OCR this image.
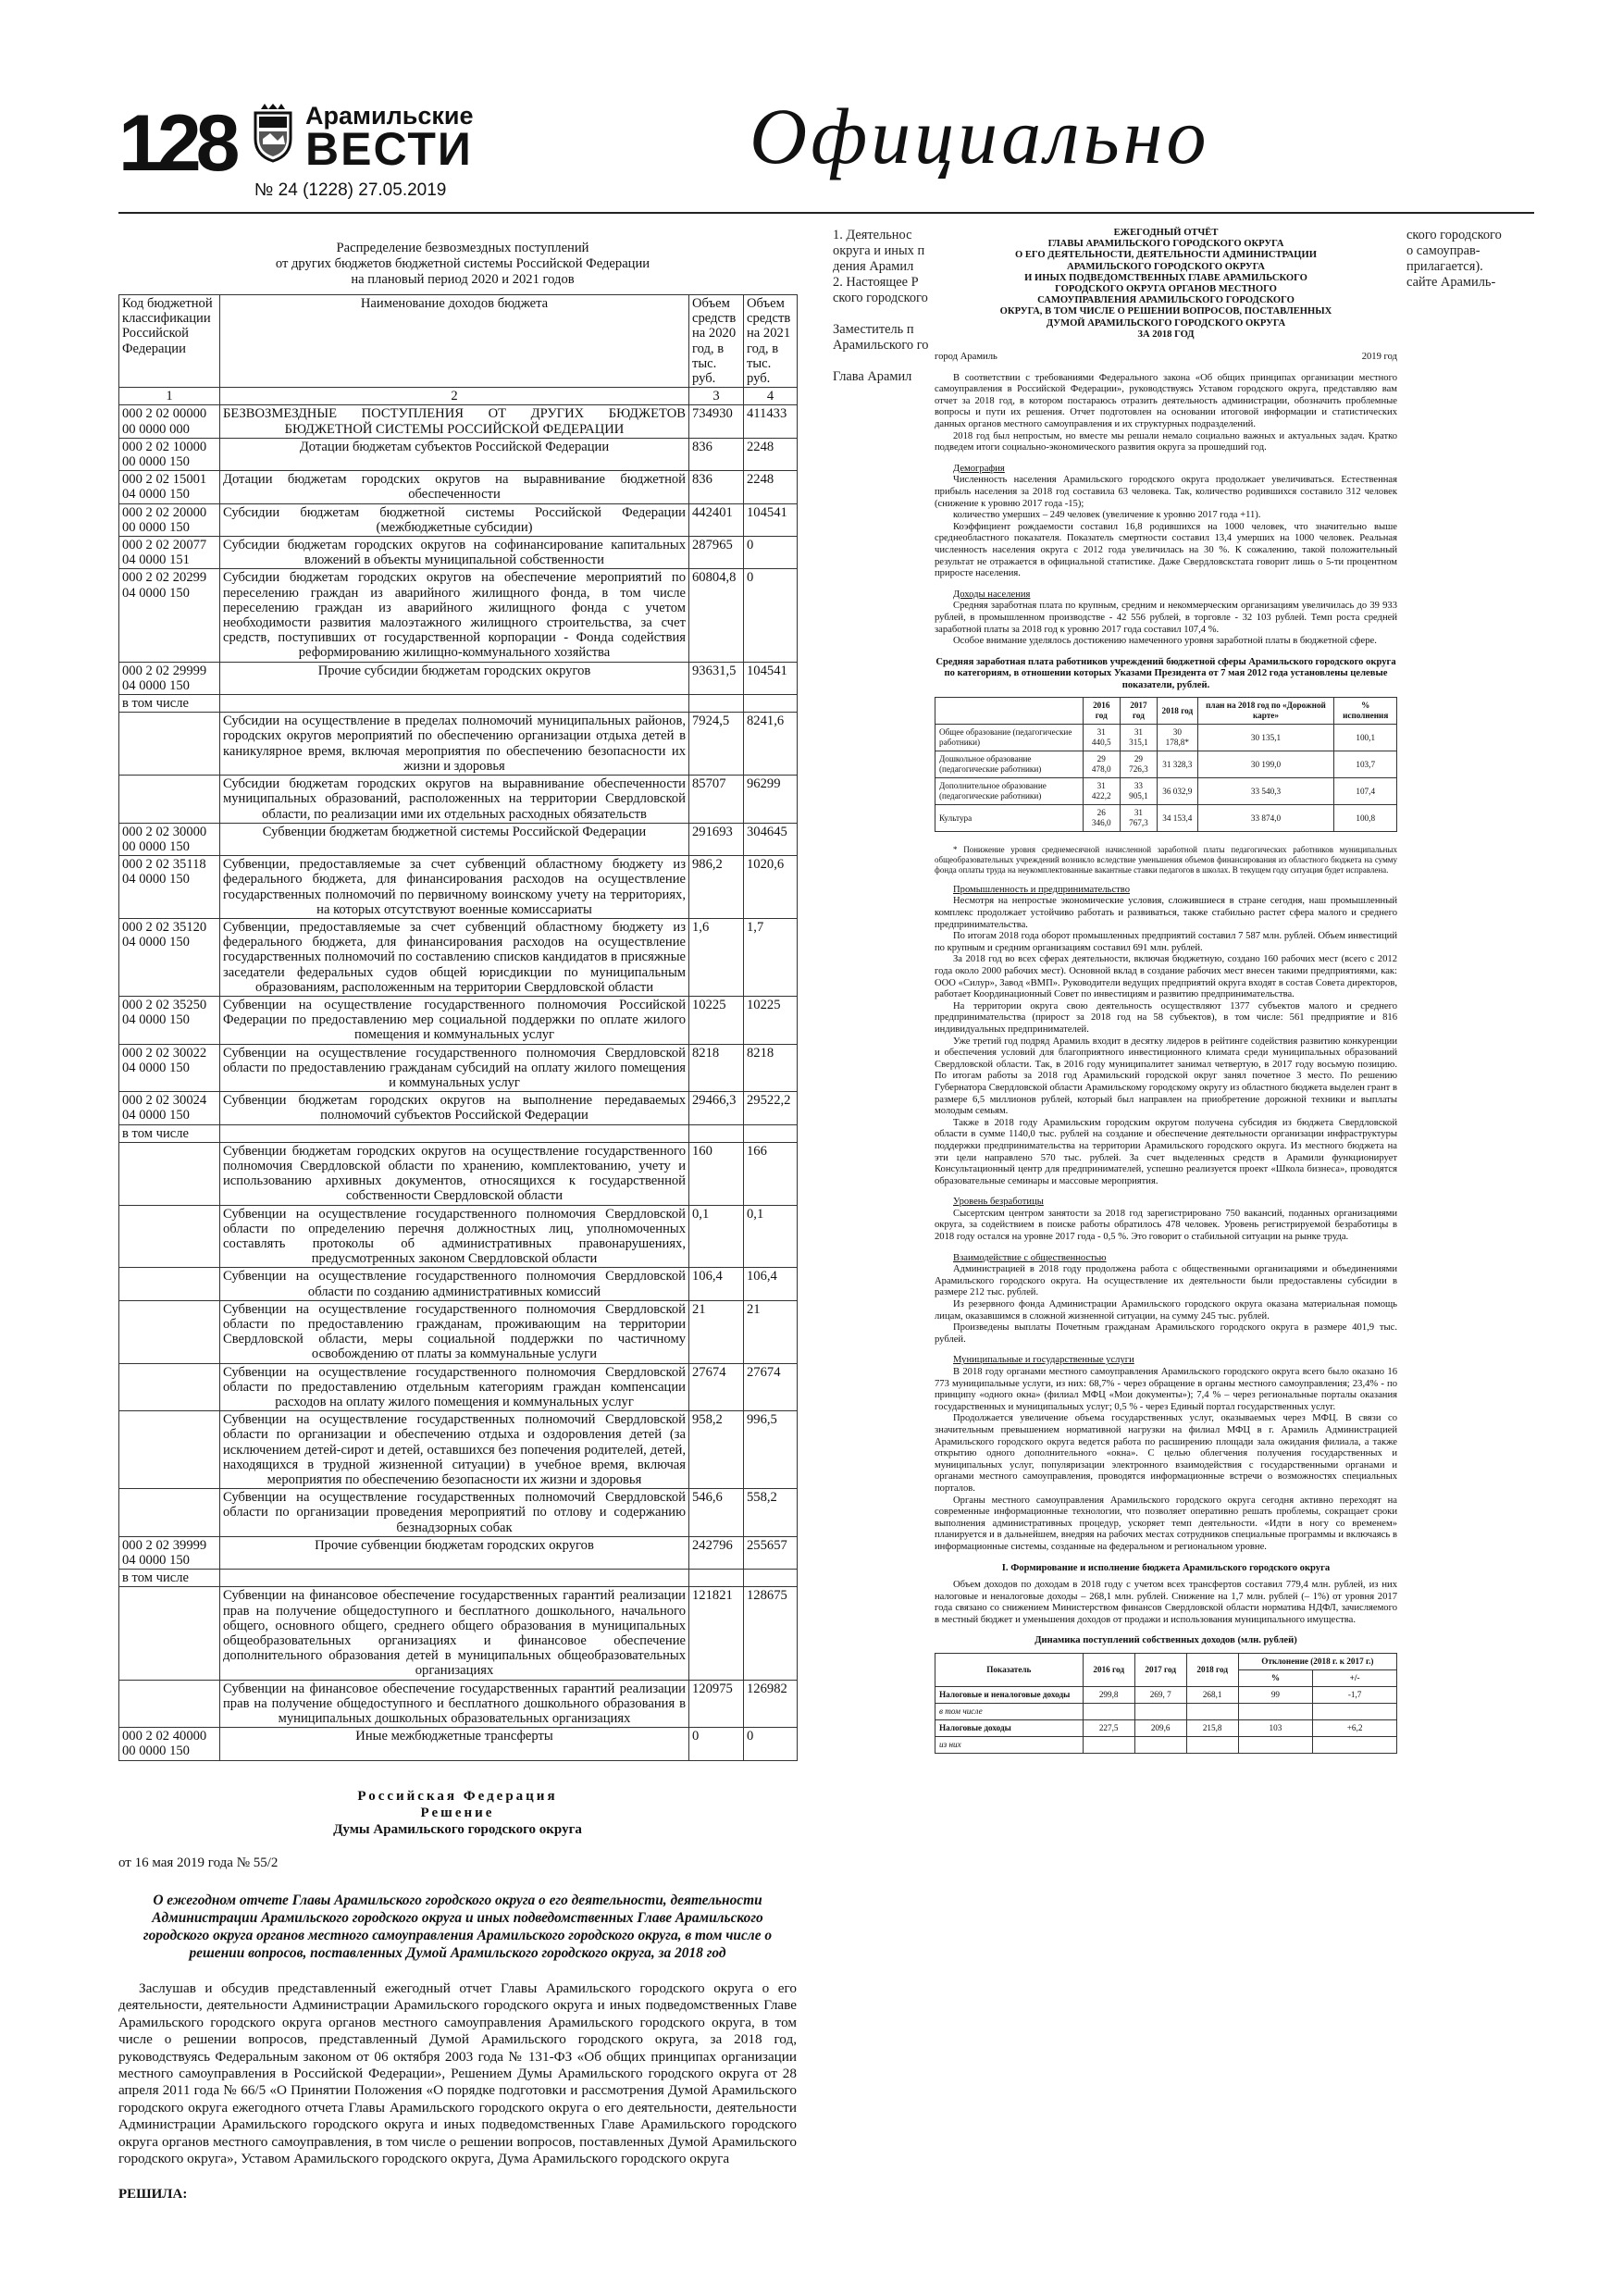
128	Арамильские
ВЕСТИ
№ 24 (1228) 27.05.2019
Официально
Распределение безвозмездных поступлений
от других бюджетов бюджетной системы Российской Федерации
на плановый период 2020 и 2021 годов
Код бюджетной классификации Российской Федерации	Наименование доходов бюджета	Объем средств на 2020 год, в тыс. руб.	Объем средств на 2021 год, в тыс. руб.
1	2	3	4
000 2 02 00000 00 0000 000	БЕЗВОЗМЕЗДНЫЕ ПОСТУПЛЕНИЯ ОТ ДРУГИХ БЮДЖЕТОВ БЮДЖЕТНОЙ СИСТЕМЫ РОССИЙСКОЙ ФЕДЕРАЦИИ	734930	411433
000 2 02 10000 00 0000 150	Дотации бюджетам субъектов Российской Федерации	836	2248
000 2 02 15001 04 0000 150	Дотации бюджетам городских округов на выравнивание бюджетной обеспеченности	836	2248
000 2 02 20000 00 0000 150	Субсидии бюджетам бюджетной системы Российской Федерации (межбюджетные субсидии)	442401	104541
000 2 02 20077 04 0000 151	Субсидии бюджетам городских округов на софинансирование капитальных вложений в объекты муниципальной собственности	287965	0
000 2 02 20299 04 0000 150	Субсидии бюджетам городских округов на обеспечение мероприятий по переселению граждан из аварийного жилищного фонда, в том числе переселению граждан из аварийного жилищного фонда с учетом необходимости развития малоэтажного жилищного строительства, за счет средств, поступивших от государственной корпорации - Фонда содействия реформированию жилищно-коммунального хозяйства	60804,8	0
000 2 02 29999 04 0000 150	Прочие субсидии бюджетам городских округов	93631,5	104541
в том числе			
	Субсидии на осуществление в пределах полномочий муниципальных районов, городских округов мероприятий по обеспечению организации отдыха детей в каникулярное время, включая мероприятия по обеспечению безопасности их жизни и здоровья	7924,5	8241,6
	Субсидии бюджетам городских округов на выравнивание обеспеченности муниципальных образований, расположенных на территории Свердловской области, по реализации ими их отдельных расходных обязательств	85707	96299
000 2 02 30000 00 0000 150	Субвенции бюджетам бюджетной системы Российской Федерации	291693	304645
000 2 02 35118 04 0000 150	Субвенции, предоставляемые за счет субвенций областному бюджету из федерального бюджета, для финансирования расходов на осуществление государственных полномочий по первичному воинскому учету на территориях, на которых отсутствуют военные комиссариаты	986,2	1020,6
000 2 02 35120 04 0000 150	Субвенции, предоставляемые за счет субвенций областному бюджету из федерального бюджета, для финансирования расходов на осуществление государственных полномочий по составлению списков кандидатов в присяжные заседатели федеральных судов общей юрисдикции по муниципальным образованиям, расположенным на территории Свердловской области	1,6	1,7
000 2 02 35250 04 0000 150	Субвенции на осуществление государственного полномочия Российской Федерации по предоставлению мер социальной поддержки по оплате жилого помещения и коммунальных услуг	10225	10225
000 2 02 30022 04 0000 150	Субвенции на осуществление государственного полномочия Свердловской области по предоставлению гражданам субсидий на оплату жилого помещения и коммунальных услуг	8218	8218
000 2 02 30024 04 0000 150	Субвенции бюджетам городских округов на выполнение передаваемых полномочий субъектов Российской Федерации	29466,3	29522,2
в том числе			
	Субвенции бюджетам городских округов на осуществление государственного полномочия Свердловской области по хранению, комплектованию, учету и использованию архивных документов, относящихся к государственной собственности Свердловской области	160	166
	Субвенции на осуществление государственного полномочия Свердловской области по определению перечня должностных лиц, уполномоченных составлять протоколы об административных правонарушениях, предусмотренных законом Свердловской области	0,1	0,1
	Субвенции на осуществление государственного полномочия Свердловской области по созданию административных комиссий	106,4	106,4
	Субвенции на осуществление государственного полномочия Свердловской области по предоставлению гражданам, проживающим на территории Свердловской области, меры социальной поддержки по частичному освобождению от платы за коммунальные услуги	21	21
	Субвенции на осуществление государственного полномочия Свердловской области по предоставлению отдельным категориям граждан компенсации расходов на оплату жилого помещения и коммунальных услуг	27674	27674
	Субвенции на осуществление государственных полномочий Свердловской области по организации и обеспечению отдыха и оздоровления детей (за исключением детей-сирот и детей, оставшихся без попечения родителей, детей, находящихся в трудной жизненной ситуации) в учебное время, включая мероприятия по обеспечению безопасности их жизни и здоровья	958,2	996,5
	Субвенции на осуществление государственных полномочий Свердловской области по организации проведения мероприятий по отлову и содержанию безнадзорных собак	546,6	558,2
000 2 02 39999 04 0000 150	Прочие субвенции бюджетам городских округов	242796	255657
в том числе			
	Субвенции на финансовое обеспечение государственных гарантий реализации прав на получение общедоступного и бесплатного дошкольного, начального общего, основного общего, среднего общего образования в муниципальных общеобразовательных организациях и финансовое обеспечение дополнительного образования детей в муниципальных общеобразовательных организациях	121821	128675
	Субвенции на финансовое обеспечение государственных гарантий реализации прав на получение общедоступного и бесплатного дошкольного образования в муниципальных дошкольных образовательных организациях	120975	126982
000 2 02 40000 00 0000 150	Иные межбюджетные трансферты	0	0
Российская Федерация
Решение
Думы Арамильского городского округа
от 16 мая 2019 года № 55/2
О ежегодном отчете Главы Арамильского городского округа о его деятельности, деятельности Администрации Арамильского городского округа и иных подведомственных Главе Арамильского городского округа органов местного самоуправления Арамильского городского округа, в том числе о решении вопросов, поставленных Думой Арамильского городского округа, за 2018 год
Заслушав и обсудив представленный ежегодный отчет Главы Арамильского городского округа о его деятельности, деятельности Администрации Арамильского городского округа и иных подведомственных Главе Арамильского городского округа органов местного самоуправления Арамильского городского округа, в том числе о решении вопросов, представленный Думой Арамильского городского округа, за 2018 год, руководствуясь Федеральным законом от 06 октября 2003 года № 131-ФЗ «Об общих принципах организации местного самоуправления в Российской Федерации», Решением Думы Арамильского городского округа от 28 апреля 2011 года № 66/5 «О Принятии Положения «О порядке подготовки и рассмотрения Думой Арамильского городского округа ежегодного отчета Главы Арамильского городского округа о его деятельности, деятельности Администрации Арамильского городского округа и иных подведомственных Главе Арамильского городского округа органов местного самоуправления, в том числе о решении вопросов, поставленных Думой Арамильского городского округа», Уставом Арамильского городского округа, Дума Арамильского городского округа
РЕШИЛА:
1. Деятельнос
округа и иных п
дения Арамил
2. Настоящее Р
ского городского
Заместитель п
Арамильского го
Глава Арамил
ского городского
о самоуправ-
прилагается).
сайте Арамиль-
ЕЖЕГОДНЫЙ ОТЧЁТ
ГЛАВЫ АРАМИЛЬСКОГО ГОРОДСКОГО ОКРУГА
О ЕГО ДЕЯТЕЛЬНОСТИ, ДЕЯТЕЛЬНОСТИ АДМИНИСТРАЦИИ
АРАМИЛЬСКОГО ГОРОДСКОГО ОКРУГА
И ИНЫХ ПОДВЕДОМСТВЕННЫХ ГЛАВЕ АРАМИЛЬСКОГО
ГОРОДСКОГО ОКРУГА ОРГАНОВ МЕСТНОГО
САМОУПРАВЛЕНИЯ АРАМИЛЬСКОГО ГОРОДСКОГО
ОКРУГА, В ТОМ ЧИСЛЕ О РЕШЕНИИ ВОПРОСОВ, ПОСТАВЛЕННЫХ
ДУМОЙ АРАМИЛЬСКОГО ГОРОДСКОГО ОКРУГА
ЗА 2018 ГОД
город Арамиль	2019 год
В соответствии с требованиями Федерального закона «Об общих принципах организации местного самоуправления в Российской Федерации», руководствуясь Уставом городского округа, представляю вам отчет за 2018 год, в котором постараюсь отразить деятельность администрации, обозначить проблемные вопросы и пути их решения. Отчет подготовлен на основании итоговой информации и статистических данных органов местного самоуправления и их структурных подразделений.
2018 год был непростым, но вместе мы решали немало социально важных и актуальных задач. Кратко подведем итоги социально-экономического развития округа за прошедший год.
Демография
Численность населения Арамильского городского округа продолжает увеличиваться. Естественная прибыль населения за 2018 год составила 63 человека. Так, количество родившихся составило 312 человек (снижение к уровню 2017 года -15);
количество умерших – 249 человек (увеличение к уровню 2017 года +11).
Коэффициент рождаемости составил 16,8 родившихся на 1000 человек, что значительно выше среднеобластного показателя. Показатель смертности составил 13,4 умерших на 1000 человек. Реальная численность населения округа с 2012 года увеличилась на 30 %. К сожалению, такой положительный результат не отражается в официальной статистике. Даже Свердловскстата говорит лишь о 5-ти процентном приросте населения.
Доходы населения
Средняя заработная плата по крупным, средним и некоммерческим организациям увеличилась до 39 933 рублей, в промышленном производстве - 42 556 рублей, в торговле - 32 103 рублей. Темп роста средней заработной платы за 2018 год к уровню 2017 года составил 107,4 %.
Особое внимание уделялось достижению намеченного уровня заработной платы в бюджетной сфере.
Средняя заработная плата работников учреждений бюджетной сферы Арамильского городского округа по категориям, в отношении которых Указами Президента от 7 мая 2012 года установлены целевые показатели, рублей.
	2016 год	2017 год	2018 год	план на 2018 год по «Дорожной карте»	% исполнения
Общее образование (педагогические работники)	31 440,5	31 315,1	30 178,8*	30 135,1	100,1
Дошкольное образование (педагогические работники)	29 478,0	29 726,3	31 328,3	30 199,0	103,7
Дополнительное образование (педагогические работники)	31 422,2	33 905,1	36 032,9	33 540,3	107,4
Культура	26 346,0	31 767,3	34 153,4	33 874,0	100,8
* Понижение уровня среднемесячной начисленной заработной платы педагогических работников муниципальных общеобразовательных учреждений возникло вследствие уменьшения объемов финансирования из областного бюджета на сумму фонда оплаты труда на неукомплектованные вакантные ставки педагогов в школах. В текущем году ситуация будет исправлена.
Промышленность и предпринимательство
Несмотря на непростые экономические условия, сложившиеся в стране сегодня, наш промышленный комплекс продолжает устойчиво работать и развиваться, также стабильно растет сфера малого и среднего предпринимательства.
По итогам 2018 года оборот промышленных предприятий составил 7 587 млн. рублей. Объем инвестиций по крупным и средним организациям составил 691 млн. рублей.
За 2018 год во всех сферах деятельности, включая бюджетную, создано 160 рабочих мест (всего с 2012 года около 2000 рабочих мест). Основной вклад в создание рабочих мест внесен такими предприятиями, как: ООО «Силур», Завод «ВМП». Руководители ведущих предприятий округа входят в состав Совета директоров, работает Координационный Совет по инвестициям и развитию предпринимательства.
На территории округа свою деятельность осуществляют 1377 субъектов малого и среднего предпринимательства (прирост за 2018 год на 58 субъектов), в том числе: 561 предприятие и 816 индивидуальных предпринимателей.
Уже третий год подряд Арамиль входит в десятку лидеров в рейтинге содействия развитию конкуренции и обеспечения условий для благоприятного инвестиционного климата среди муниципальных образований Свердловской области. Так, в 2016 году муниципалитет занимал четвертую, в 2017 году восьмую позицию. По итогам работы за 2018 год Арамильский городской округ занял почетное 3 место. По решению Губернатора Свердловской области Арамильскому городскому округу из областного бюджета выделен грант в размере 6,5 миллионов рублей, который был направлен на приобретение дорожной техники и выплаты молодым семьям.
Также в 2018 году Арамильским городским округом получена субсидия из бюджета Свердловской области в сумме 1140,0 тыс. рублей на создание и обеспечение деятельности организации инфраструктуры поддержки предпринимательства на территории Арамильского городского округа. Из местного бюджета на эти цели направлено 570 тыс. рублей. За счет выделенных средств в Арамили функционирует Консультационный центр для предпринимателей, успешно реализуется проект «Школа бизнеса», проводятся образовательные семинары и массовые мероприятия.
Уровень безработицы
Сысертским центром занятости за 2018 год зарегистрировано 750 вакансий, поданных организациями округа, за содействием в поиске работы обратилось 478 человек. Уровень регистрируемой безработицы в 2018 году остался на уровне 2017 года - 0,5 %. Это говорит о стабильной ситуации на рынке труда.
Взаимодействие с общественностью
Администрацией в 2018 году продолжена работа с общественными организациями и объединениями Арамильского городского округа. На осуществление их деятельности были предоставлены субсидии в размере 212 тыс. рублей.
Из резервного фонда Администрации Арамильского городского округа оказана материальная помощь лицам, оказавшимся в сложной жизненной ситуации, на сумму 245 тыс. рублей.
Произведены выплаты Почетным гражданам Арамильского городского округа в размере 401,9 тыс. рублей.
Муниципальные и государственные услуги
В 2018 году органами местного самоуправления Арамильского городского округа всего было оказано 16 773 муниципальные услуги, из них: 68,7% - через обращение в органы местного самоуправления; 23,4% - по принципу «одного окна» (филиал МФЦ «Мои документы»); 7,4 % – через региональные порталы оказания государственных и муниципальных услуг; 0,5 % - через Единый портал государственных услуг.
Продолжается увеличение объема государственных услуг, оказываемых через МФЦ. В связи со значительным превышением нормативной нагрузки на филиал МФЦ в г. Арамиль Администрацией Арамильского городского округа ведется работа по расширению площади зала ожидания филиала, а также открытию одного дополнительного «окна». С целью облегчения получения государственных и муниципальных услуг, популяризации электронного взаимодействия с государственными органами и органами местного самоуправления, проводятся информационные встречи о возможностях специальных порталов.
Органы местного самоуправления Арамильского городского округа сегодня активно переходят на современные информационные технологии, что позволяет оперативно решать проблемы, сокращает сроки выполнения административных процедур, ускоряет темп деятельности. «Идти в ногу со временем» планируется и в дальнейшем, внедряя на рабочих местах сотрудников специальные программы и включаясь в информационные системы, созданные на федеральном и региональном уровне.
I. Формирование и исполнение бюджета Арамильского городского округа
Объем доходов по доходам в 2018 году с учетом всех трансфертов составил 779,4 млн. рублей, из них налоговые и неналоговые доходы – 268,1 млн. рублей. Снижение на 1,7 млн. рублей (– 1%) от уровня 2017 года связано со снижением Министерством финансов Свердловской области норматива НДФЛ, зачисляемого в местный бюджет и уменьшения доходов от продажи и использования муниципального имущества.
Динамика поступлений собственных доходов (млн. рублей)
Показатель	2016 год	2017 год	2018 год	Отклонение (2018 г. к 2017 г.)	
				%	+/-
Налоговые и неналоговые доходы	299,8	269, 7	268,1	99	-1,7
в том числе					
Налоговые доходы	227,5	209,6	215,8	103	+6,2
из них					
